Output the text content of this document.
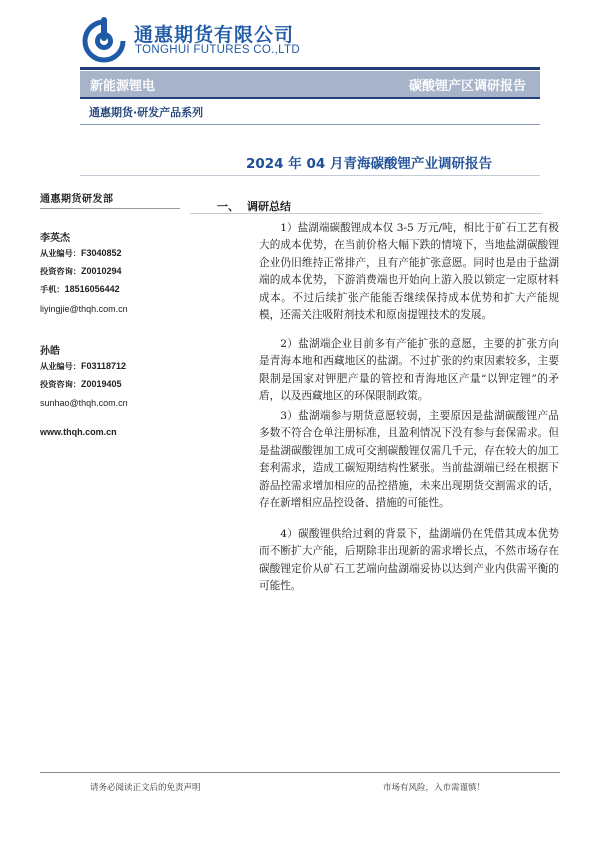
通惠期货有限公司
TONGHUI FUTURES CO.,LTD
新能源锂电	碳酸锂产区调研报告
通惠期货·研发产品系列
2024 年 04 月青海碳酸锂产业调研报告
通惠期货研发部
李英杰
从业编号：F3040852
投资咨询：Z0010294
手机：18516056442
liyingjie@thqh.com.cn
孙皓
从业编号：F03118712
投资咨询：Z0019405
sunhao@thqh.com.cn
www.thqh.com.cn
一、 调研总结

1）盐湖端碳酸锂成本仅 3-5 万元/吨，相比于矿石工艺有极大的成本优势，在当前价格大幅下跌的情境下，当地盐湖碳酸锂企业仍旧维持正常排产，且有产能扩张意愿。同时也是由于盐湖端的成本优势，下游消费端也开始向上游入股以锁定一定原材料成本。不过后续扩张产能能否继续保持成本优势和扩大产能规模，还需关注吸附剂技术和原卤提锂技术的发展。

2）盐湖端企业目前多有产能扩张的意愿，主要的扩张方向是青海本地和西藏地区的盐湖。不过扩张的约束因素较多，主要限制是国家对钾肥产量的管控和青海地区产量“以钾定锂”的矛盾，以及西藏地区的环保限制政策。

3）盐湖端参与期货意愿较弱，主要原因是盐湖碳酸锂产品多数不符合仓单注册标准，且盈利情况下没有参与套保需求。但是盐湖碳酸锂加工成可交割碳酸锂仅需几千元，存在较大的加工套利需求，造成工碳短期结构性紧张。当前盐湖端已经在根据下游品控需求增加相应的品控措施，未来出现期货交割需求的话，存在新增相应品控设备、措施的可能性。

4）碳酸锂供给过剩的背景下，盐湖端仍在凭借其成本优势而不断扩大产能，后期除非出现新的需求增长点，不然市场存在碳酸锂定价从矿石工艺端向盐湖端妥协以达到产业内供需平衡的可能性。

请务必阅读正文后的免责声明	市场有风险，入市需谨慎！
